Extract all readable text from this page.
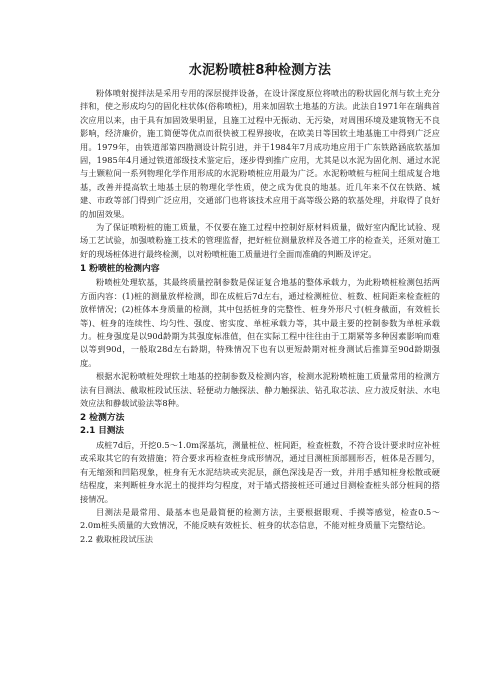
水泥粉喷桩8种检测方法

粉体喷射搅拌法是采用专用的深层搅拌设备，在设计深度原位将喷出的粉状固化剂与软土充分拌和，使之形成均匀的固化柱状体(俗称喷桩)，用来加固软土地基的方法。此法自1971年在瑞典首次应用以来，由于具有加固效果明显，且施工过程中无振动、无污染，对周围环境及建筑物无不良影响，经济廉价，施工简便等优点而很快被工程界接收，在欧美日等国软土地基施工中得到广泛应用。1979年，由铁道部第四勘测设计院引进，并于1984年7月成功地应用于广东铁路涵底软基加固，1985年4月通过铁道部级技术鉴定后，逐步得到推广应用，尤其是以水泥为固化剂、通过水泥与土颗粒间一系列物理化学作用形成的水泥粉喷桩应用最为广泛。水泥粉喷桩与桩间土组成复合地基，改善并提高软土地基土层的物理化学性质，使之成为优良的地基。近几年来不仅在铁路、城建、市政等部门得到广泛应用，交通部门也将该技术应用于高等级公路的软基处理，并取得了良好的加固效果。

为了保证喷粉桩的施工质量，不仅要在施工过程中控制好原材料质量，做好室内配比试验、现场工艺试验，加强喷粉施工技术的管理监督，把好桩位测量放样及各道工序的检查关，还须对施工好的现场桩体进行最终检测，以对粉喷桩施工质量进行全面而准确的判断及评定。

1 粉喷桩的检测内容

粉喷桩处理软基，其最终质量控制参数是保证复合地基的整体承载力，为此粉喷桩检测包括两方面内容：(1)桩的测量放样检测，即在成桩后7d左右，通过检测桩位、桩数、桩间距来检查桩的放样情况；(2)桩体本身质量的检测，其中包括桩身的完整性、桩身外形尺寸(桩身截面，有效桩长等)、桩身的连续性、均匀性、强度、密实度、单桩承载力等，其中最主要的控制参数为单桩承载力。桩身强度是以90d龄期为其强度标准值，但在实际工程中往往由于工期紧等多种因素影响而难以等到90d，一般取28d左右龄期，特殊情况下也有以更短龄期对桩身测试后推算至90d龄期强度。

根据水泥粉喷桩处理软土地基的控制参数及检测内容，检测水泥粉喷桩施工质量常用的检测方法有目测法、截取桩段试压法、轻便动力触探法、静力触探法、钻孔取芯法、应力波反射法、水电效应法和静载试验法等8种。

2 检测方法
2.1 目测法

成桩7d后，开挖0.5～1.0m深基坑，测量桩位、桩间距，检查桩数，不符合设计要求时应补桩或采取其它的有效措施；符合要求再检查桩身成形情况，通过目测桩顶部圆形否，桩体是否圆匀，有无缩颈和凹陷现象，桩身有无水泥结块或夹泥层，颜色深浅是否一致，并用手感知桩身松散或硬结程度，来判断桩身水泥土的搅拌均匀程度，对于墙式搭接桩还可通过目测检查桩头部分桩间的搭接情况。

目测法是最常用、最基本也是最简便的检测方法，主要根据眼观、手摸等感觉，检查0.5～2.0m桩头质量的大致情况，不能反映有效桩长、桩身的状态信息，不能对桩身质量下完整结论。

2.2 截取桩段试压法
